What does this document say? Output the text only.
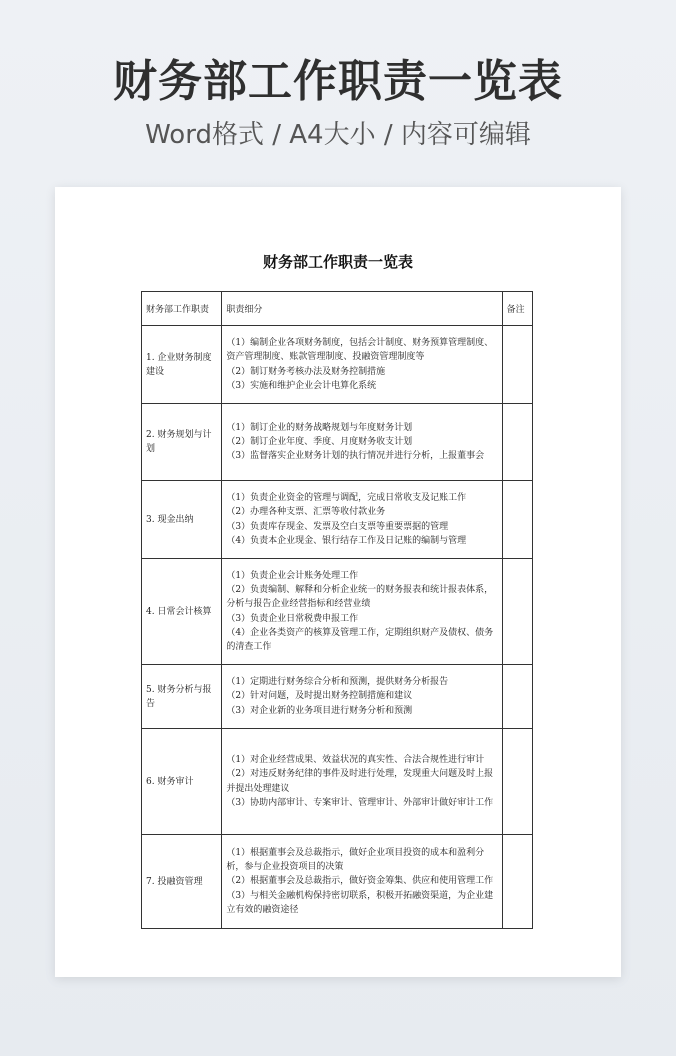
财务部工作职责一览表
Word格式 / A4大小 / 内容可编辑
财务部工作职责一览表
财务部工作职责	职责细分	备注
1. 企业财务制度建设	（1）编制企业各项财务制度，包括会计制度、财务预算管理制度、资产管理制度、账款管理制度、投融资管理制度等
（2）制订财务考核办法及财务控制措施
（3）实施和维护企业会计电算化系统	

2. 财务规划与计划	（1）制订企业的财务战略规划与年度财务计划
（2）制订企业年度、季度、月度财务收支计划
（3）监督落实企业财务计划的执行情况并进行分析，上报董事会	

3. 现金出纳	（1）负责企业资金的管理与调配，完成日常收支及记账工作
（2）办理各种支票、汇票等收付款业务
（3）负责库存现金、发票及空白支票等重要票据的管理
（4）负责本企业现金、银行结存工作及日记账的编制与管理	

4. 日常会计核算	（1）负责企业会计账务处理工作
（2）负责编制、解释和分析企业统一的财务报表和统计报表体系，分析与报告企业经营指标和经营业绩
（3）负责企业日常税费申报工作
（4）企业各类资产的核算及管理工作，定期组织财产及债权、债务的清查工作	

5. 财务分析与报告	（1）定期进行财务综合分析和预测，提供财务分析报告
（2）针对问题，及时提出财务控制措施和建议
（3）对企业新的业务项目进行财务分析和预测	

6. 财务审计	（1）对企业经营成果、效益状况的真实性、合法合规性进行审计
（2）对违反财务纪律的事件及时进行处理，发现重大问题及时上报并提出处理建议
（3）协助内部审计、专案审计、管理审计、外部审计做好审计工作	

7. 投融资管理	（1）根据董事会及总裁指示，做好企业项目投资的成本和盈利分析，参与企业投资项目的决策
（2）根据董事会及总裁指示，做好资金筹集、供应和使用管理工作
（3）与相关金融机构保持密切联系，积极开拓融资渠道，为企业建立有效的融资途径	
